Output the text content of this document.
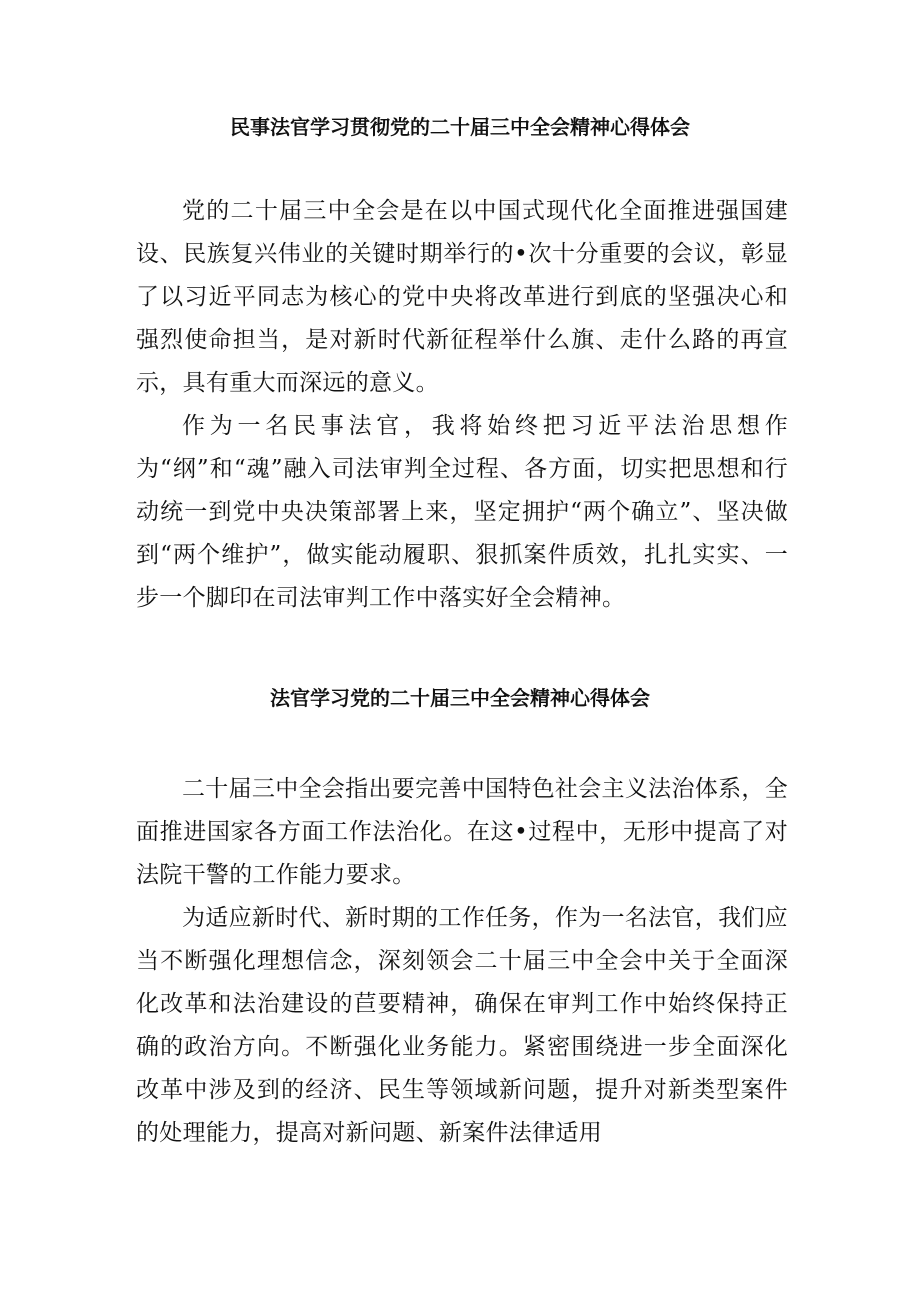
民事法官学习贯彻党的二十届三中全会精神心得体会

党的二十届三中全会是在以中国式现代化全面推进强国建设、民族复兴伟业的关键时期举行的•次十分重要的会议，彰显了以习近平同志为核心的党中央将改革进行到底的坚强决心和强烈使命担当，是对新时代新征程举什么旗、走什么路的再宣示，具有重大而深远的意义。

作为一名民事法官，我将始终把习近平法治思想作为“纲”和“魂”融入司法审判全过程、各方面，切实把思想和行动统一到党中央决策部署上来，坚定拥护“两个确立”、坚决做到“两个维护”，做实能动履职、狠抓案件质效，扎扎实实、一步一个脚印在司法审判工作中落实好全会精神。

法官学习党的二十届三中全会精神心得体会

二十届三中全会指出要完善中国特色社会主义法治体系，全面推进国家各方面工作法治化。在这•过程中，无形中提高了对法院干警的工作能力要求。

为适应新时代、新时期的工作任务，作为一名法官，我们应当不断强化理想信念，深刻领会二十届三中全会中关于全面深化改革和法治建设的苣要精神，确保在审判工作中始终保持正确的政治方向。不断强化业务能力。紧密围绕进一步全面深化改革中涉及到的经济、民生等领域新问题，提升对新类型案件的处理能力，提高对新问题、新案件法律适用
